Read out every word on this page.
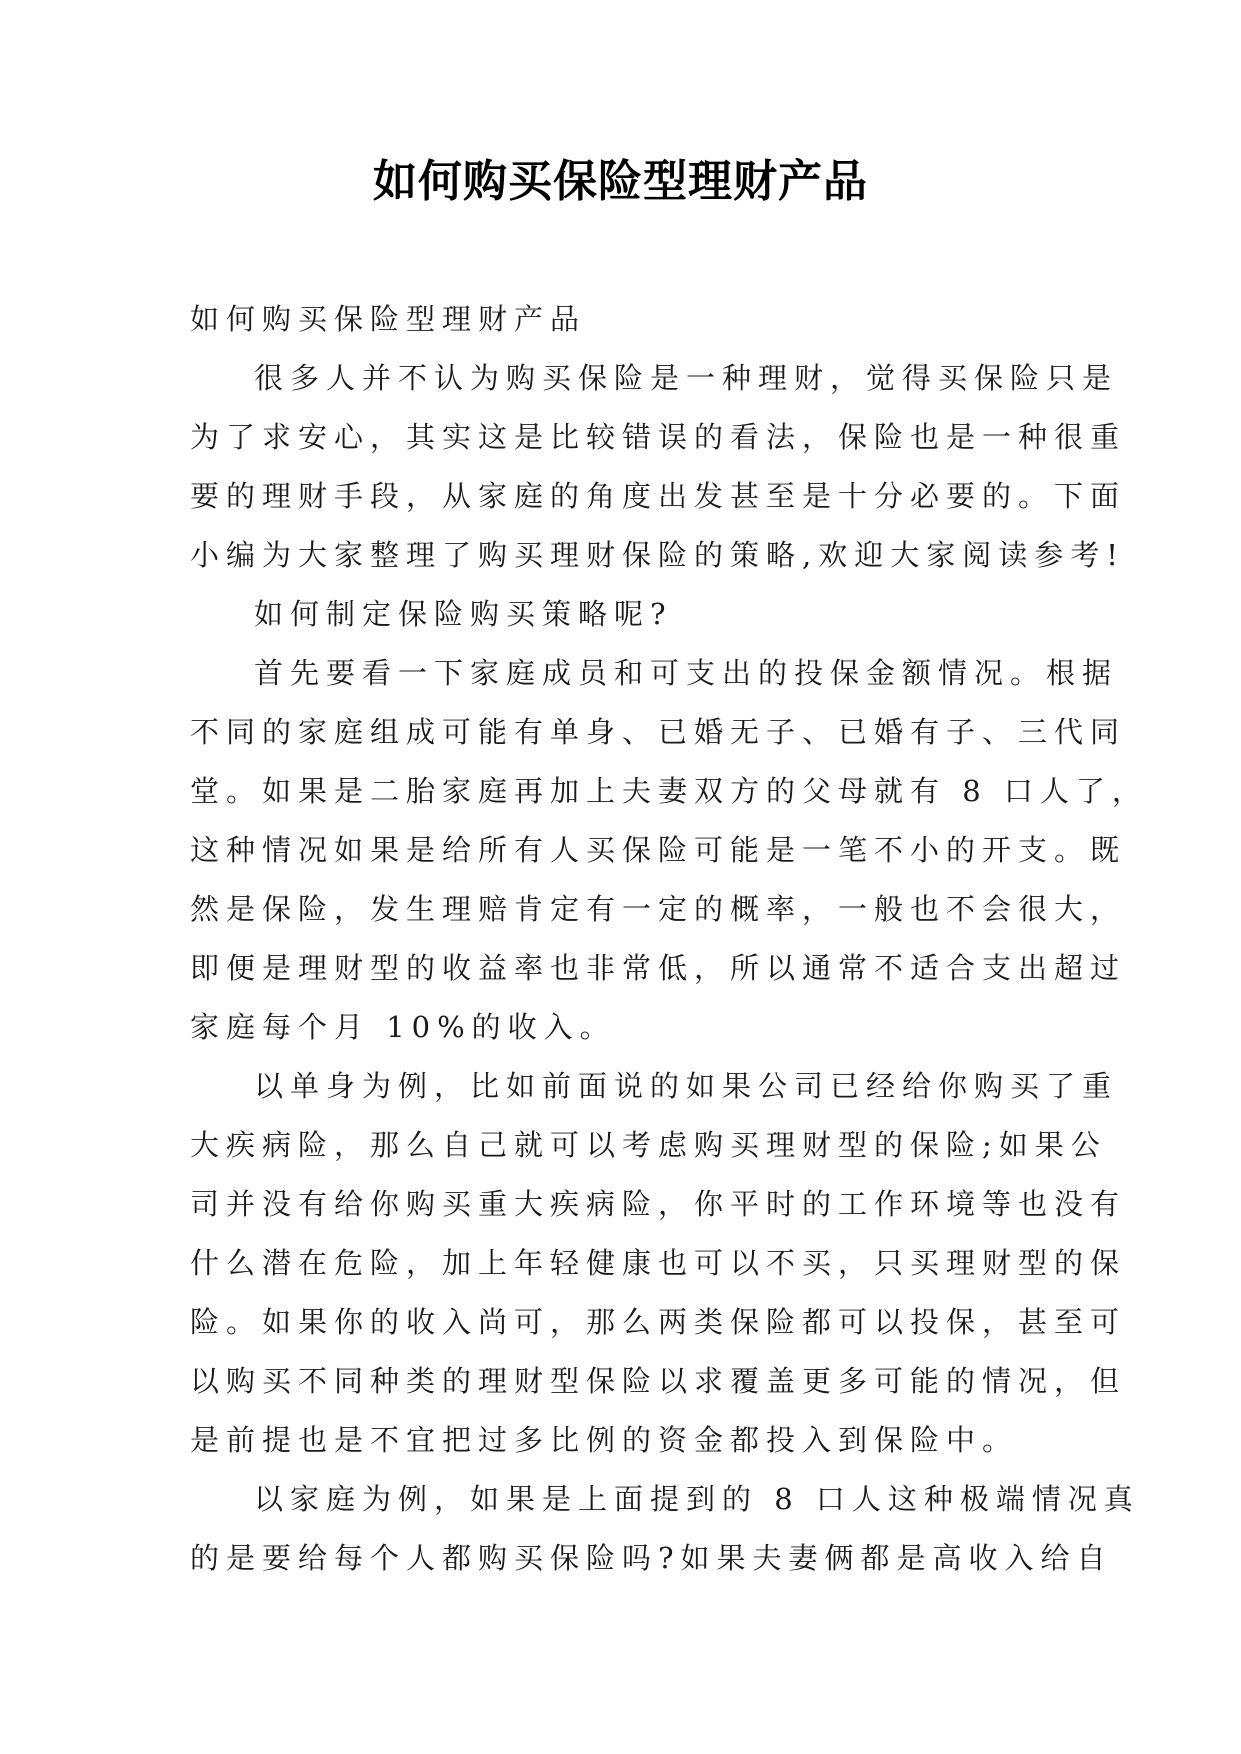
如何购买保险型理财产品
如何购买保险型理财产品
很多人并不认为购买保险是一种理财，觉得买保险只是
为了求安心，其实这是比较错误的看法，保险也是一种很重
要的理财手段，从家庭的角度出发甚至是十分必要的。下面
小编为大家整理了购买理财保险的策略,欢迎大家阅读参考!
如何制定保险购买策略呢?
首先要看一下家庭成员和可支出的投保金额情况。根据
不同的家庭组成可能有单身、已婚无子、已婚有子、三代同
堂。如果是二胎家庭再加上夫妻双方的父母就有 8 口人了，
这种情况如果是给所有人买保险可能是一笔不小的开支。既
然是保险，发生理赔肯定有一定的概率，一般也不会很大，
即便是理财型的收益率也非常低，所以通常不适合支出超过
家庭每个月 10%的收入。
以单身为例，比如前面说的如果公司已经给你购买了重
大疾病险，那么自己就可以考虑购买理财型的保险;如果公
司并没有给你购买重大疾病险，你平时的工作环境等也没有
什么潜在危险，加上年轻健康也可以不买，只买理财型的保
险。如果你的收入尚可，那么两类保险都可以投保，甚至可
以购买不同种类的理财型保险以求覆盖更多可能的情况，但
是前提也是不宜把过多比例的资金都投入到保险中。
以家庭为例，如果是上面提到的 8 口人这种极端情况真
的是要给每个人都购买保险吗?如果夫妻俩都是高收入给自
